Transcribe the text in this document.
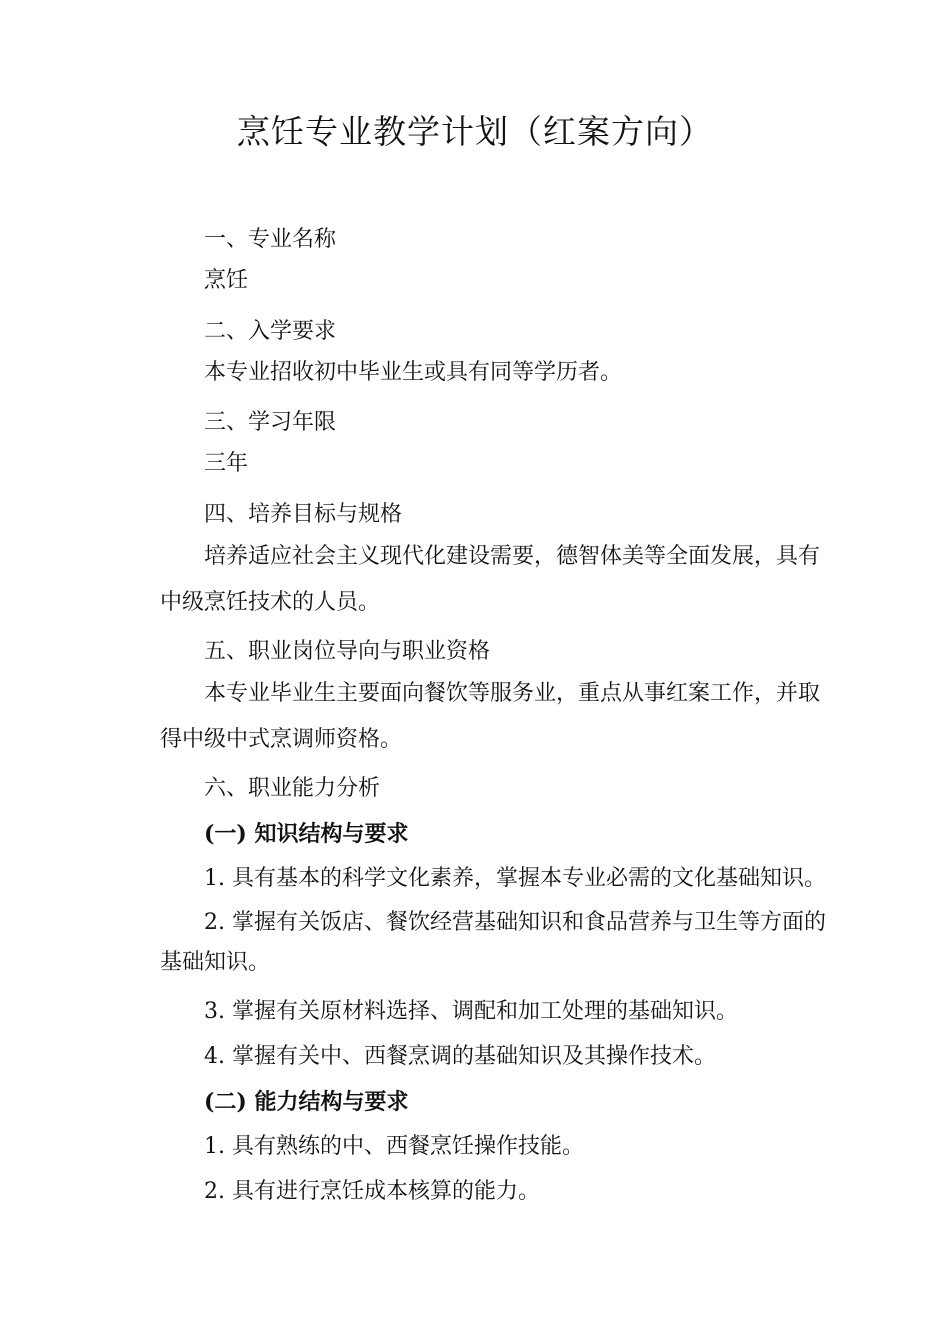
烹饪专业教学计划（红案方向）
一、专业名称
烹饪
二、入学要求
本专业招收初中毕业生或具有同等学历者。
三、学习年限
三年
四、培养目标与规格
培养适应社会主义现代化建设需要，德智体美等全面发展，具有
中级烹饪技术的人员。
五、职业岗位导向与职业资格
本专业毕业生主要面向餐饮等服务业，重点从事红案工作，并取
得中级中式烹调师资格。
六、职业能力分析
(一) 知识结构与要求
1. 具有基本的科学文化素养，掌握本专业必需的文化基础知识。
2. 掌握有关饭店、餐饮经营基础知识和食品营养与卫生等方面的
基础知识。
3. 掌握有关原材料选择、调配和加工处理的基础知识。
4. 掌握有关中、西餐烹调的基础知识及其操作技术。
(二) 能力结构与要求
1. 具有熟练的中、西餐烹饪操作技能。
2. 具有进行烹饪成本核算的能力。
